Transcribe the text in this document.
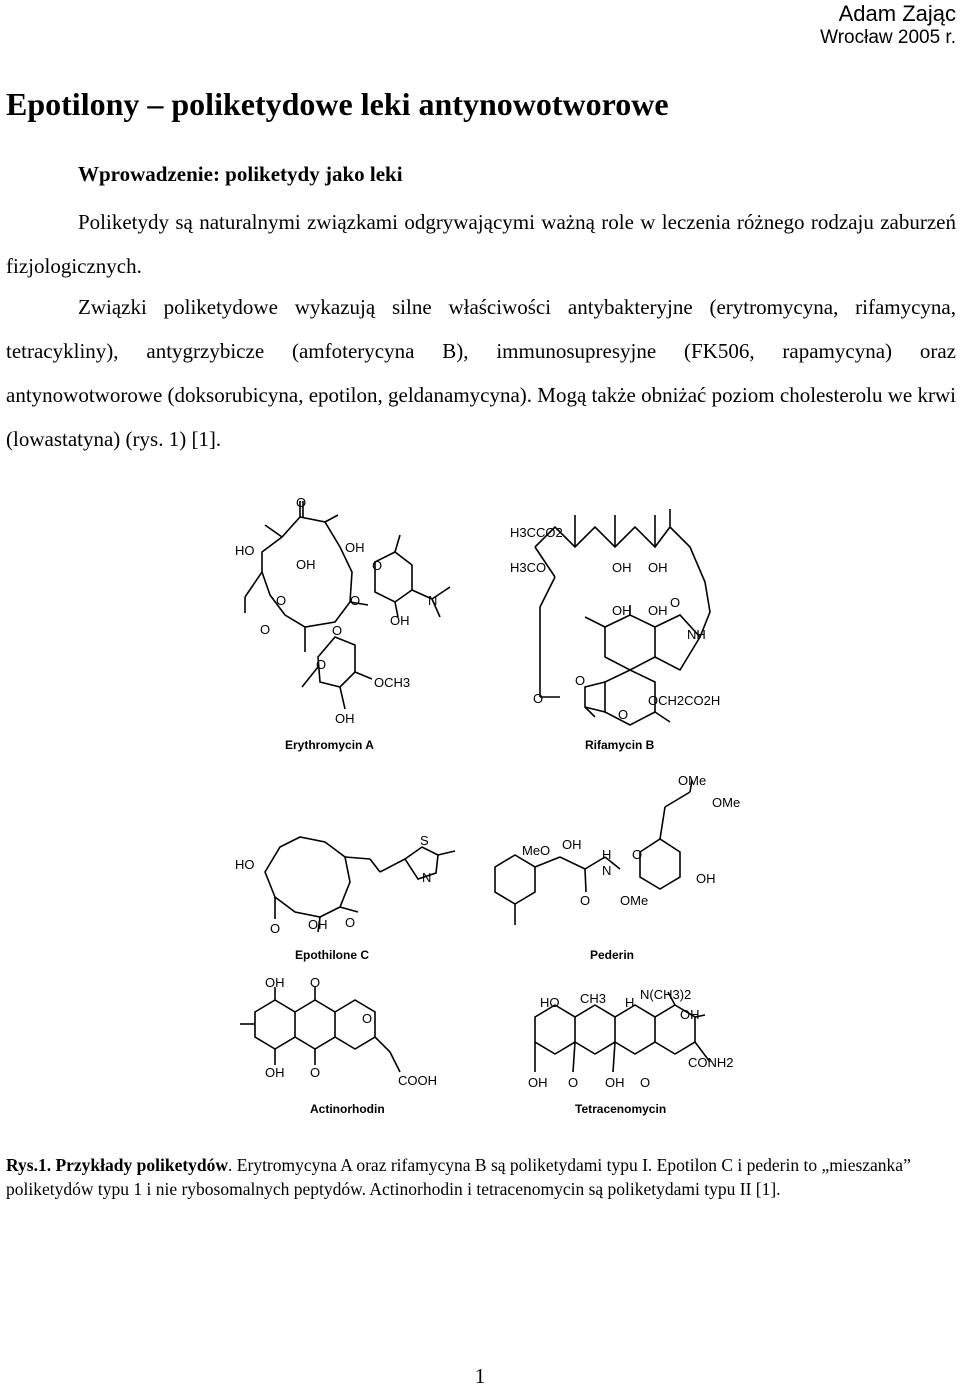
Adam Zając
Wrocław 2005 r.
Epotilony – poliketydowe leki antynowotworowe
Wprowadzenie: poliketydy jako leki

Poliketydy są naturalnymi związkami odgrywającymi ważną role w leczenia różnego rodzaju zaburzeń fizjologicznych.

Związki poliketydowe wykazują silne właściwości antybakteryjne (erytromycyna, rifamycyna, tetracykliny), antygrzybicze (amfoterycyna B), immunosupresyjne (FK506, rapamycyna) oraz antynowotworowe (doksorubicyna, epotilon, geldanamycyna). Mogą także obniżać poziom cholesterolu we krwi (lowastatyna) (rys. 1) [1].

O
HO
OH
OH
O
O	N
OH
O	O
O
O
OCH3
OH
Erythromycin A
H3CCO2
H3CO	OH OH
OH OH
O
NH
O
O
O
OCH2CO2H
Rifamycin B
HO
S
N
O OH O
Epothilone C
OMe
OMe
MeO OH
H
N
O
OH
O OMe
Pederin
OH O
O
OH O
COOH
Actinorhodin
HO CH3 H
N(CH3)2
OH
CONH2
OH O OH O
Tetracenomycin

Rys.1. Przykłady poliketydów. Erytromycyna A oraz rifamycyna B są poliketydami typu I. Epotilon C i pederin to „mieszanka” poliketydów typu 1 i nie rybosomalnych peptydów. Actinorhodin i tetracenomycin są poliketydami typu II [1].

1
